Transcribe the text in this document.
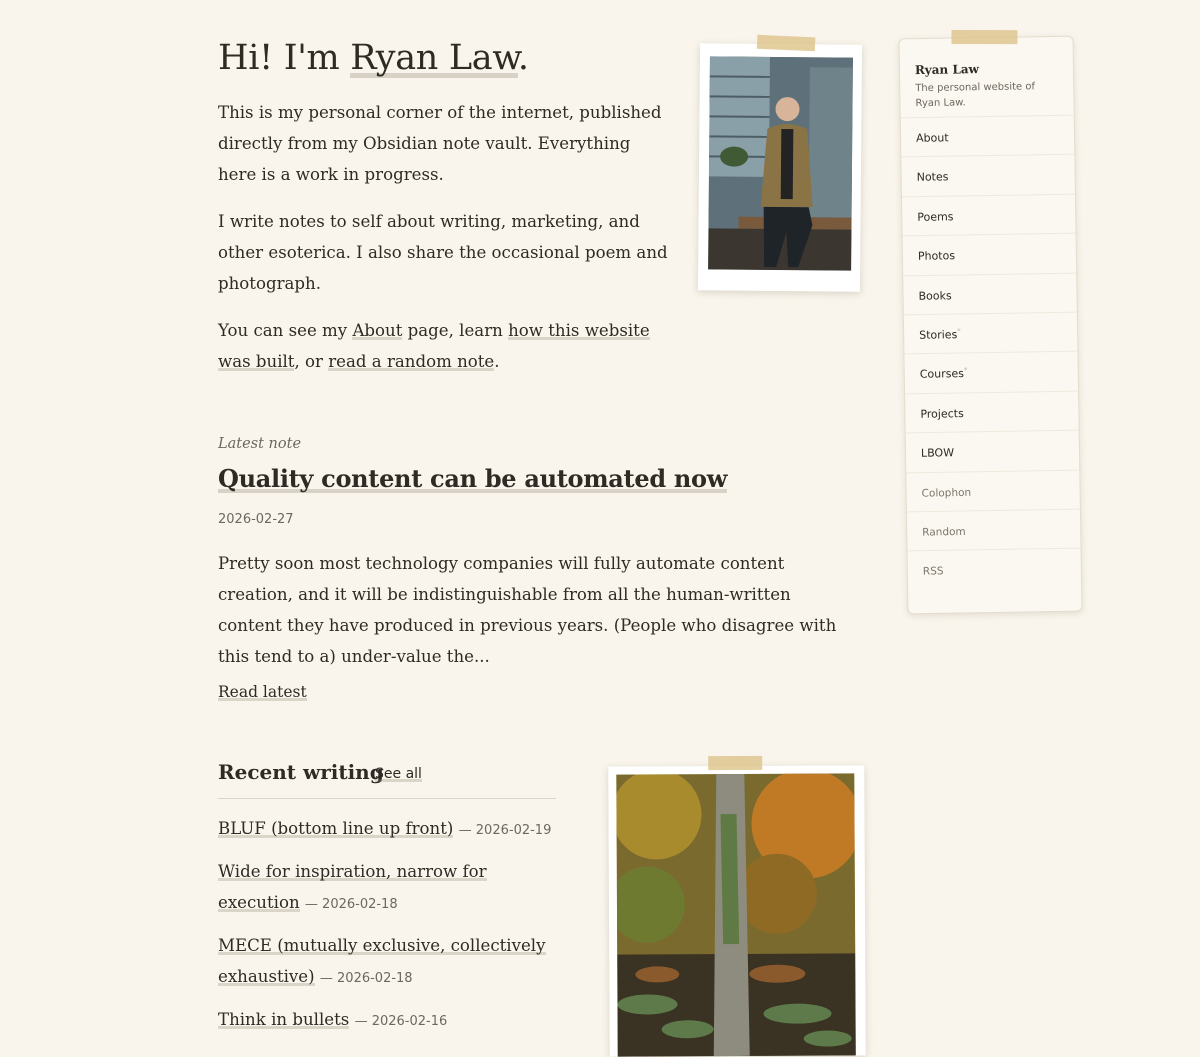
Hi! I'm Ryan Law.

This is my personal corner of the internet, published directly from my Obsidian note vault. Everything here is a work in progress.

I write notes to self about writing, marketing, and other esoterica. I also share the occasional poem and photograph.

You can see my About page, learn how this website was built, or read a random note.

Latest note

Quality content can be automated now

2026-02-27

Pretty soon most technology companies will fully automate content creation, and it will be indistinguishable from all the human-written content they have produced in previous years. (People who disagree with this tend to a) under-value the...

Read latest
Recent writing
See all
BLUF (bottom line up front) — 2026-02-19
Wide for inspiration, narrow for execution — 2026-02-18
MECE (mutually exclusive, collectively exhaustive) — 2026-02-18
Think in bullets — 2026-02-16

Ryan Law

The personal website of Ryan Law.

About
Notes
Poems
Photos
Books
Stories*
Courses*
Projects
LBOW
Colophon
Random
RSS
